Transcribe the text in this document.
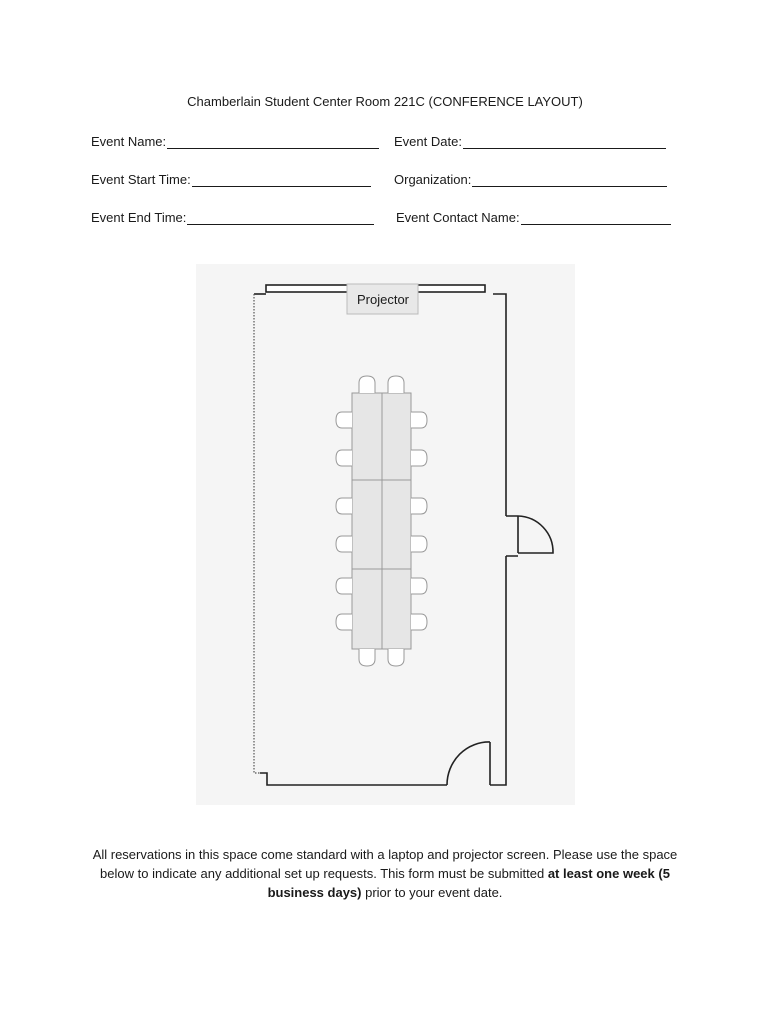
Chamberlain Student Center Room 221C (CONFERENCE LAYOUT)
Event Name:	Event Date:
Event Start Time:	Organization:
Event End Time:	Event Contact Name:
Projector
All reservations in this space come standard with a laptop and projector screen. Please use the space below to indicate any additional set up requests. This form must be submitted at least one week (5 business days) prior to your event date.
